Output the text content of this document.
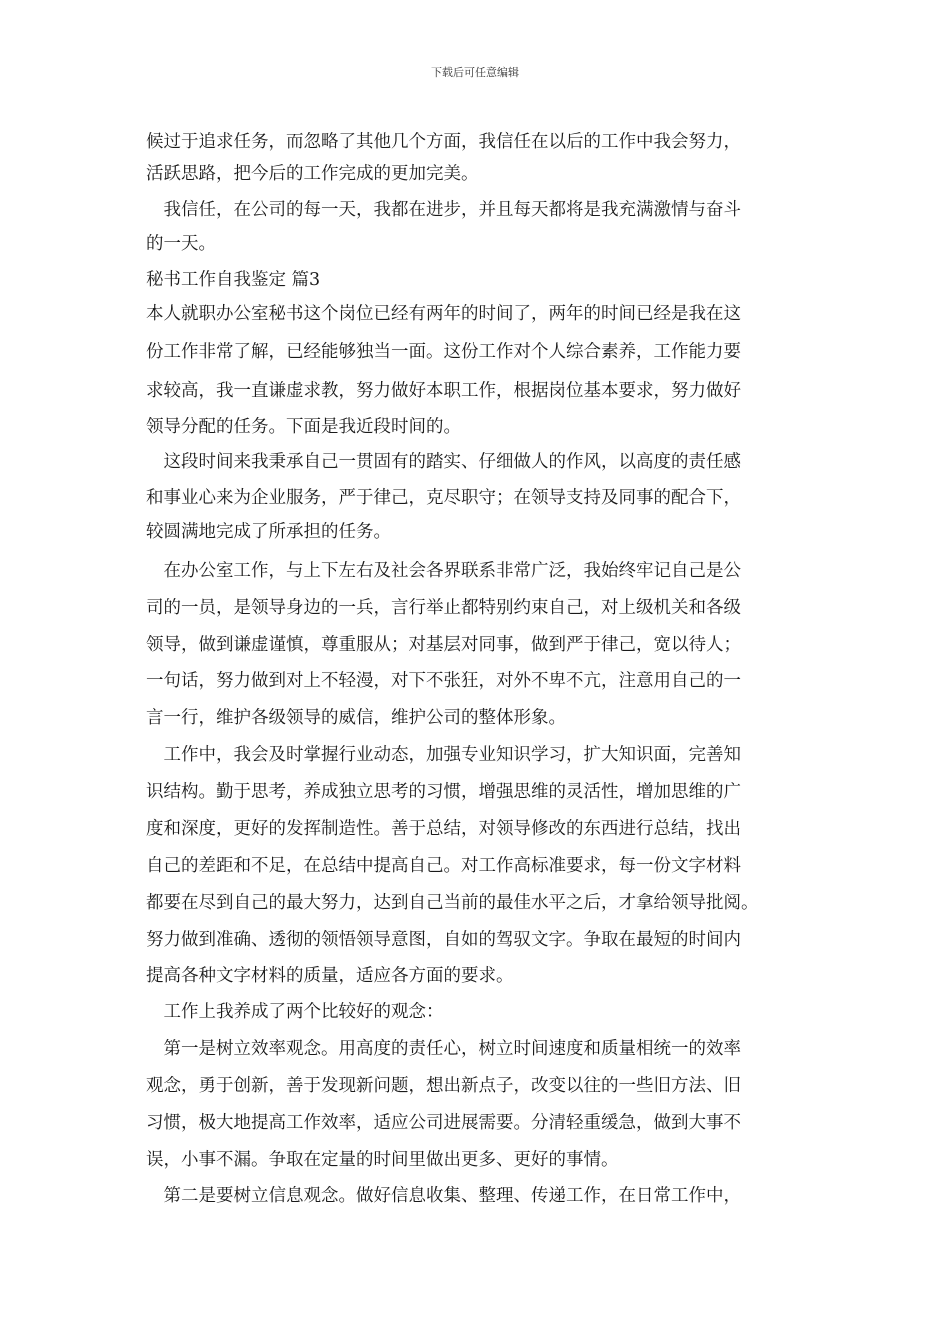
下载后可任意编辑
候过于追求任务，而忽略了其他几个方面，我信任在以后的工作中我会努力，
活跃思路，把今后的工作完成的更加完美。
　我信任，在公司的每一天，我都在进步，并且每天都将是我充满激情与奋斗
的一天。
秘书工作自我鉴定 篇3
本人就职办公室秘书这个岗位已经有两年的时间了，两年的时间已经是我在这
份工作非常了解，已经能够独当一面。这份工作对个人综合素养，工作能力要
求较高，我一直谦虚求教，努力做好本职工作，根据岗位基本要求，努力做好
领导分配的任务。下面是我近段时间的。
　这段时间来我秉承自己一贯固有的踏实、仔细做人的作风，以高度的责任感
和事业心来为企业服务，严于律己，克尽职守；在领导支持及同事的配合下，
较圆满地完成了所承担的任务。
　在办公室工作，与上下左右及社会各界联系非常广泛，我始终牢记自己是公
司的一员，是领导身边的一兵，言行举止都特别约束自己，对上级机关和各级
领导，做到谦虚谨慎，尊重服从；对基层对同事，做到严于律己，宽以待人；
一句话，努力做到对上不轻漫，对下不张狂，对外不卑不亢，注意用自己的一
言一行，维护各级领导的威信，维护公司的整体形象。
　工作中，我会及时掌握行业动态，加强专业知识学习，扩大知识面，完善知
识结构。勤于思考，养成独立思考的习惯，增强思维的灵活性，增加思维的广
度和深度，更好的发挥制造性。善于总结，对领导修改的东西进行总结，找出
自己的差距和不足，在总结中提高自己。对工作高标准要求，每一份文字材料
都要在尽到自己的最大努力，达到自己当前的最佳水平之后，才拿给领导批阅。
努力做到准确、透彻的领悟领导意图，自如的驾驭文字。争取在最短的时间内
提高各种文字材料的质量，适应各方面的要求。
　工作上我养成了两个比较好的观念：
　第一是树立效率观念。用高度的责任心，树立时间速度和质量相统一的效率
观念，勇于创新，善于发现新问题，想出新点子，改变以往的一些旧方法、旧
习惯，极大地提高工作效率，适应公司进展需要。分清轻重缓急，做到大事不
误，小事不漏。争取在定量的时间里做出更多、更好的事情。
　第二是要树立信息观念。做好信息收集、整理、传递工作，在日常工作中，
